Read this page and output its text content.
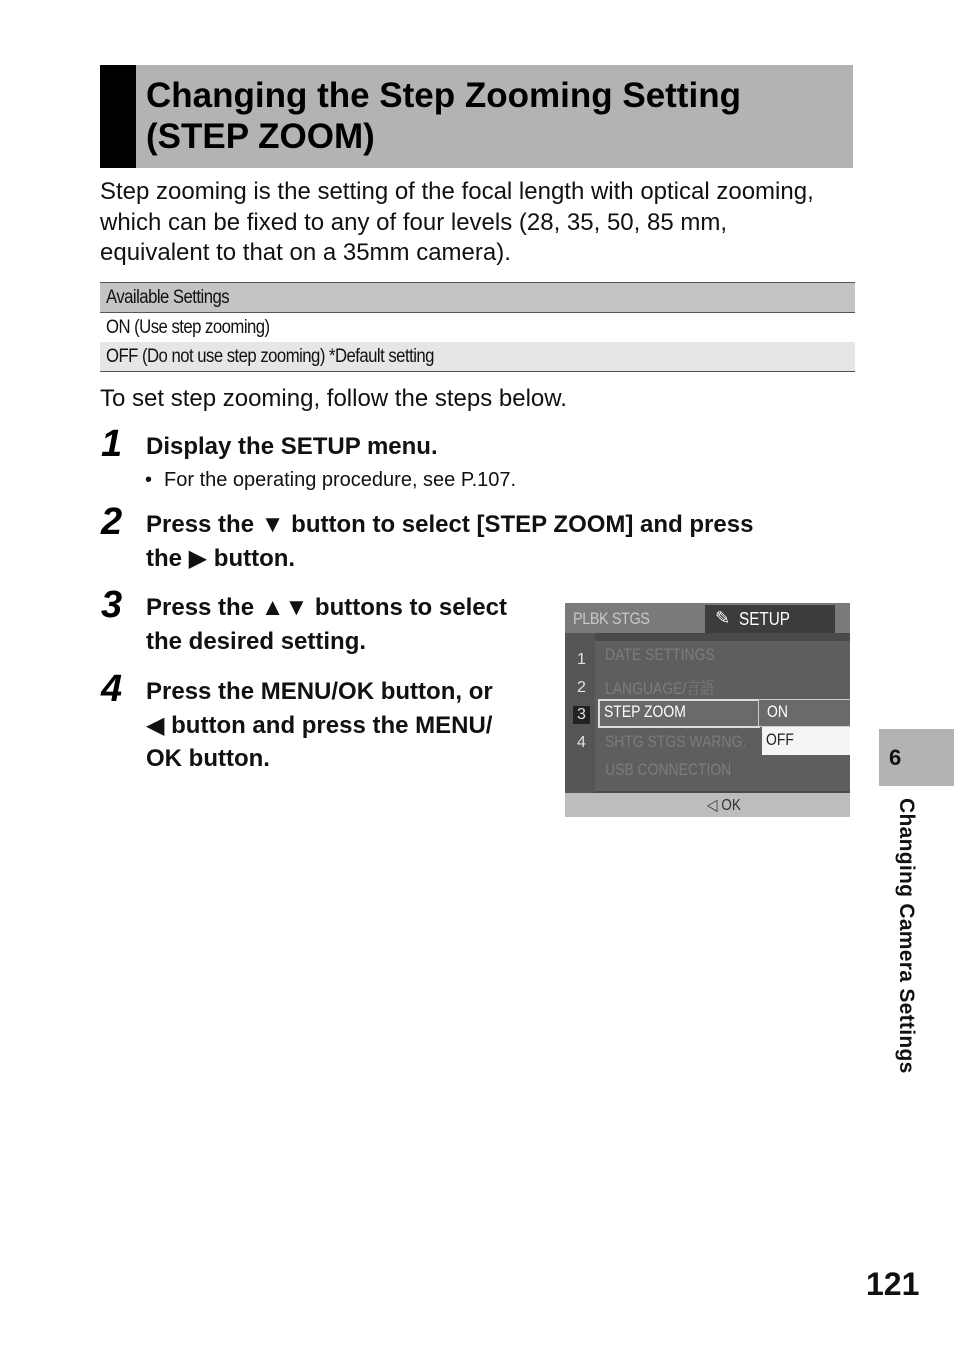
Changing the Step Zooming Setting
(STEP ZOOM)
Step zooming is the setting of the focal length with optical zooming,
which can be fixed to any of four levels (28, 35, 50, 85 mm,
equivalent to that on a 35mm camera).
Available Settings
ON (Use step zooming)
OFF (Do not use step zooming) *Default setting
To set step zooming, follow the steps below.
1 Display the SETUP menu.
• For the operating procedure, see P.107.
2 Press the ▼ button to select [STEP ZOOM] and press
the ▶ button.
3 Press the ▲▼ buttons to select
the desired setting.
4 Press the MENU/OK button, or
◀ button and press the MENU/
OK button.
PLBK STGS	✎ SETUP
1
2
3
4
DATE SETTINGS
LANGUAGE/言語
STEP ZOOM
SHTG STGS WARNG.
USB CONNECTION
ON
OFF
◁ OK
6
Changing Camera Settings
121
